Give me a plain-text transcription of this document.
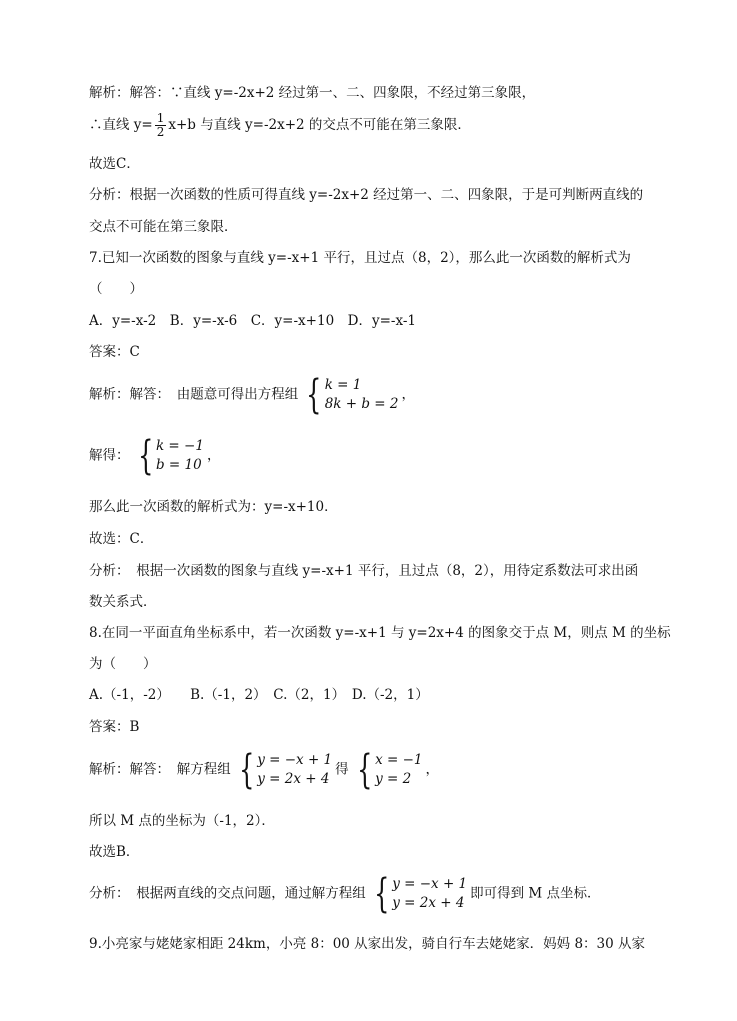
解析：解答：∵直线 y=-2x+2 经过第一、二、四象限，不经过第三象限，
∴直线 $y= \frac{1}{2} x+b$ 与直线 y=-2x+2 的交点不可能在第三象限．
故选C．
分析：根据一次函数的性质可得直线 y=-2x+2 经过第一、二、四象限，于是可判断两直线的
交点不可能在第三象限．
7.已知一次函数的图象与直线 y=-x+1 平行，且过点（8，2），那么此一次函数的解析式为
（　　）
A．y=-x-2　B．y=-x-6　C．y=-x+10　D．y=-x-1
答案：C
解析：解答：　由题意可得出方程组 { k = 1
8k + b = 2
，
解得： { k = −1
b = 10
，
那么此一次函数的解析式为：y=-x+10．
故选：C．
分析：　根据一次函数的图象与直线 y=-x+1 平行，且过点（8，2），用待定系数法可求出函
数关系式．
8.在同一平面直角坐标系中，若一次函数 y=-x+1 与 y=2x+4 的图象交于点 M，则点 M 的坐标
为（　　）
A.（-1，-2）　　B.（-1，2）　C.（2，1）　D.（-2，1）
答案：B
解析：解答：　解方程组 { y = −x + 1
y = 2x + 4
得 { x = −1
y = 2
，
所以 M 点的坐标为（-1，2）．
故选B．
分析：　根据两直线的交点问题，通过解方程组 { y = −x + 1
y = 2x + 4
即可得到 M 点坐标．
9.小亮家与姥姥家相距 24km，小亮 8：00 从家出发，骑自行车去姥姥家．妈妈 8：30 从家
